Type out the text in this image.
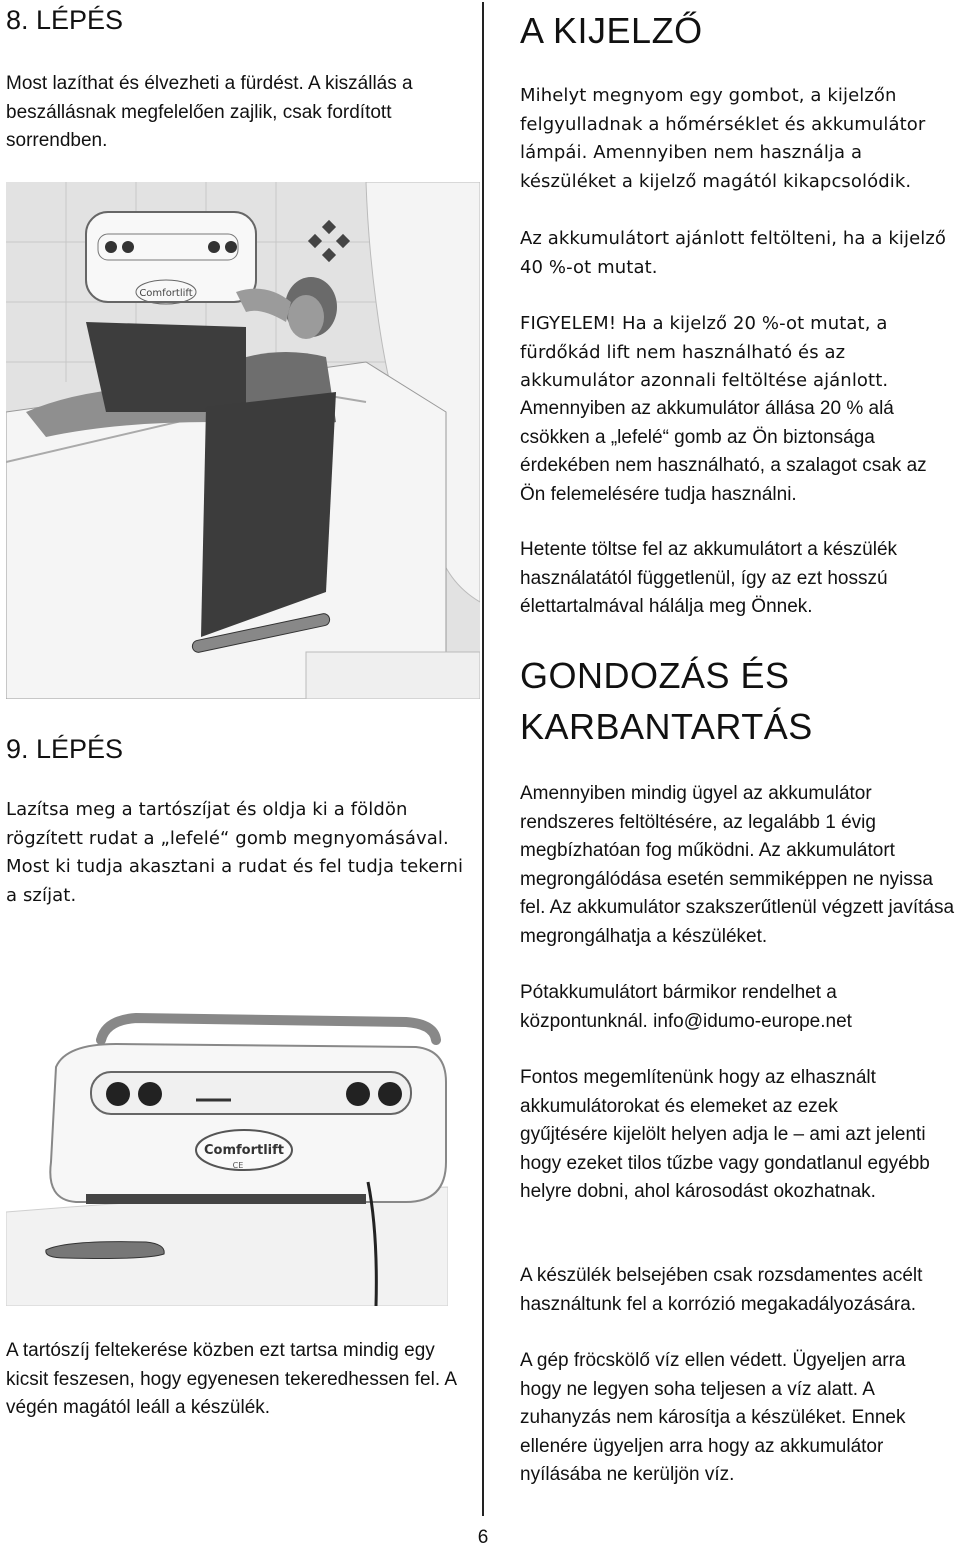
8. LÉPÉS

Most lazíthat és élvezheti a fürdést. A kiszállás a beszállásnak megfelelően zajlik, csak fordított sorrendben.

Comfortlift
9. LÉPÉS

Lazítsa meg a tartószíjat és oldja ki a földön rögzített rudat a „lefelé“ gomb megnyomásával. Most ki tudja akasztani a rudat és fel tudja tekerni a szíjat.

Comfortlift
CE

A tartószíj feltekerése közben ezt tartsa mindig egy kicsit feszesen, hogy egyenesen tekeredhessen fel. A végén magától leáll a készülék.

A KIJELZŐ

Mihelyt megnyom egy gombot, a kijelzőn felgyulladnak a hőmérséklet és akkumulátor lámpái. Amennyiben nem használja a készüléket a kijelző magától kikapcsolódik.

Az akkumulátort ajánlott feltölteni, ha a kijelző 40 %-ot mutat.

FIGYELEM! Ha a kijelző 20 %-ot mutat, a fürdőkád lift nem használható és az akkumulátor azonnali feltöltése ajánlott.

Amennyiben az akkumulátor állása 20 % alá csökken a „lefelé“ gomb az Ön biztonsága érdekében nem használható, a szalagot csak az Ön felemelésére tudja használni.

Hetente töltse fel az akkumulátort a készülék használatától függetlenül, így az ezt hosszú élettartalmával hálálja meg Önnek.

GONDOZÁS ÉS
KARBANTARTÁS

Amennyiben mindig ügyel az akkumulátor rendszeres feltöltésére, az legalább 1 évig megbízhatóan fog működni. Az akkumulátort megrongálódása esetén semmiképpen ne nyissa fel. Az akkumulátor szakszerűtlenül végzett javítása megrongálhatja a készüléket.

Pótakkumulátort bármikor rendelhet a központunknál. info@idumo-europe.net

Fontos megemlítenünk hogy az elhasznált akkumulátorokat és elemeket az ezek gyűjtésére kijelölt helyen adja le – ami azt jelenti hogy ezeket tilos tűzbe vagy gondatlanul egyébb helyre dobni, ahol károsodást okozhatnak.

A készülék belsejében csak rozsdamentes acélt használtunk fel a korrózió megakadályozására.

A gép fröcskölő víz ellen védett. Ügyeljen arra hogy ne legyen soha teljesen a víz alatt. A zuhanyzás nem károsítja a készüléket. Ennek ellenére ügyeljen arra hogy az akkumulátor nyílásába ne kerüljön víz.

6
